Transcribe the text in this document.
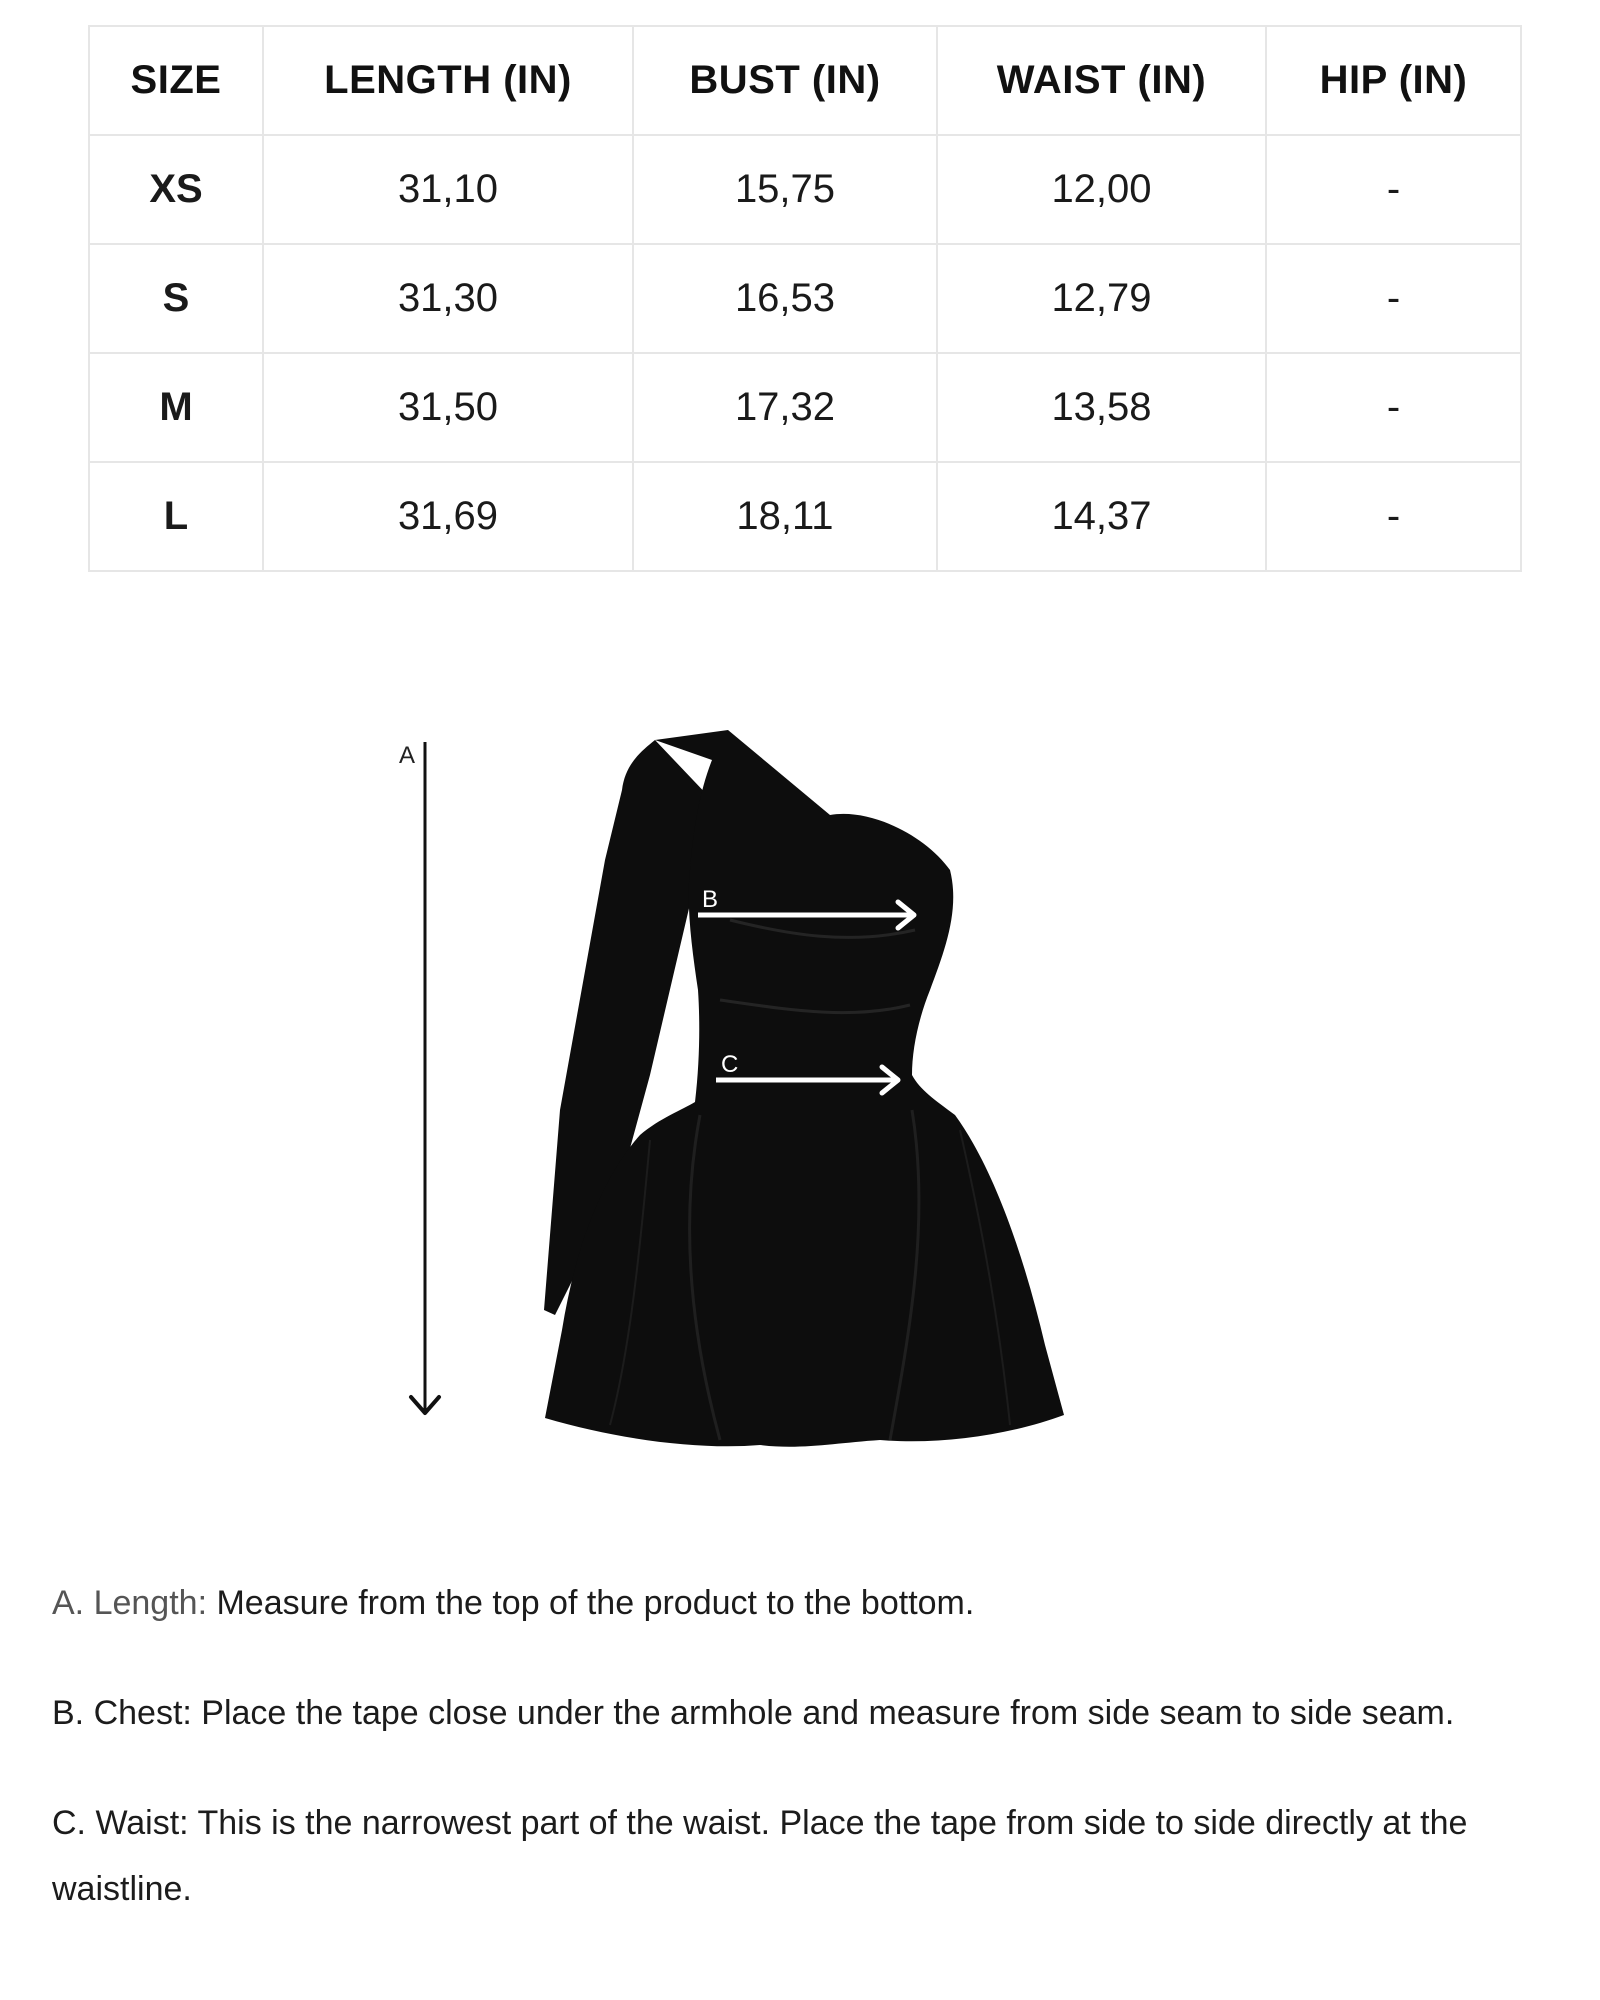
SIZE	LENGTH (IN)	BUST (IN)	WAIST (IN)	HIP (IN)
XS	31,10	15,75	12,00	-
S	31,30	16,53	12,79	-
M	31,50	17,32	13,58	-
L	31,69	18,11	14,37	-
A
B
C

A. Length: Measure from the top of the product to the bottom.

B. Chest: Place the tape close under the armhole and measure from side seam to side seam.

C. Waist: This is the narrowest part of the waist. Place the tape from side to side directly at the waistline.
